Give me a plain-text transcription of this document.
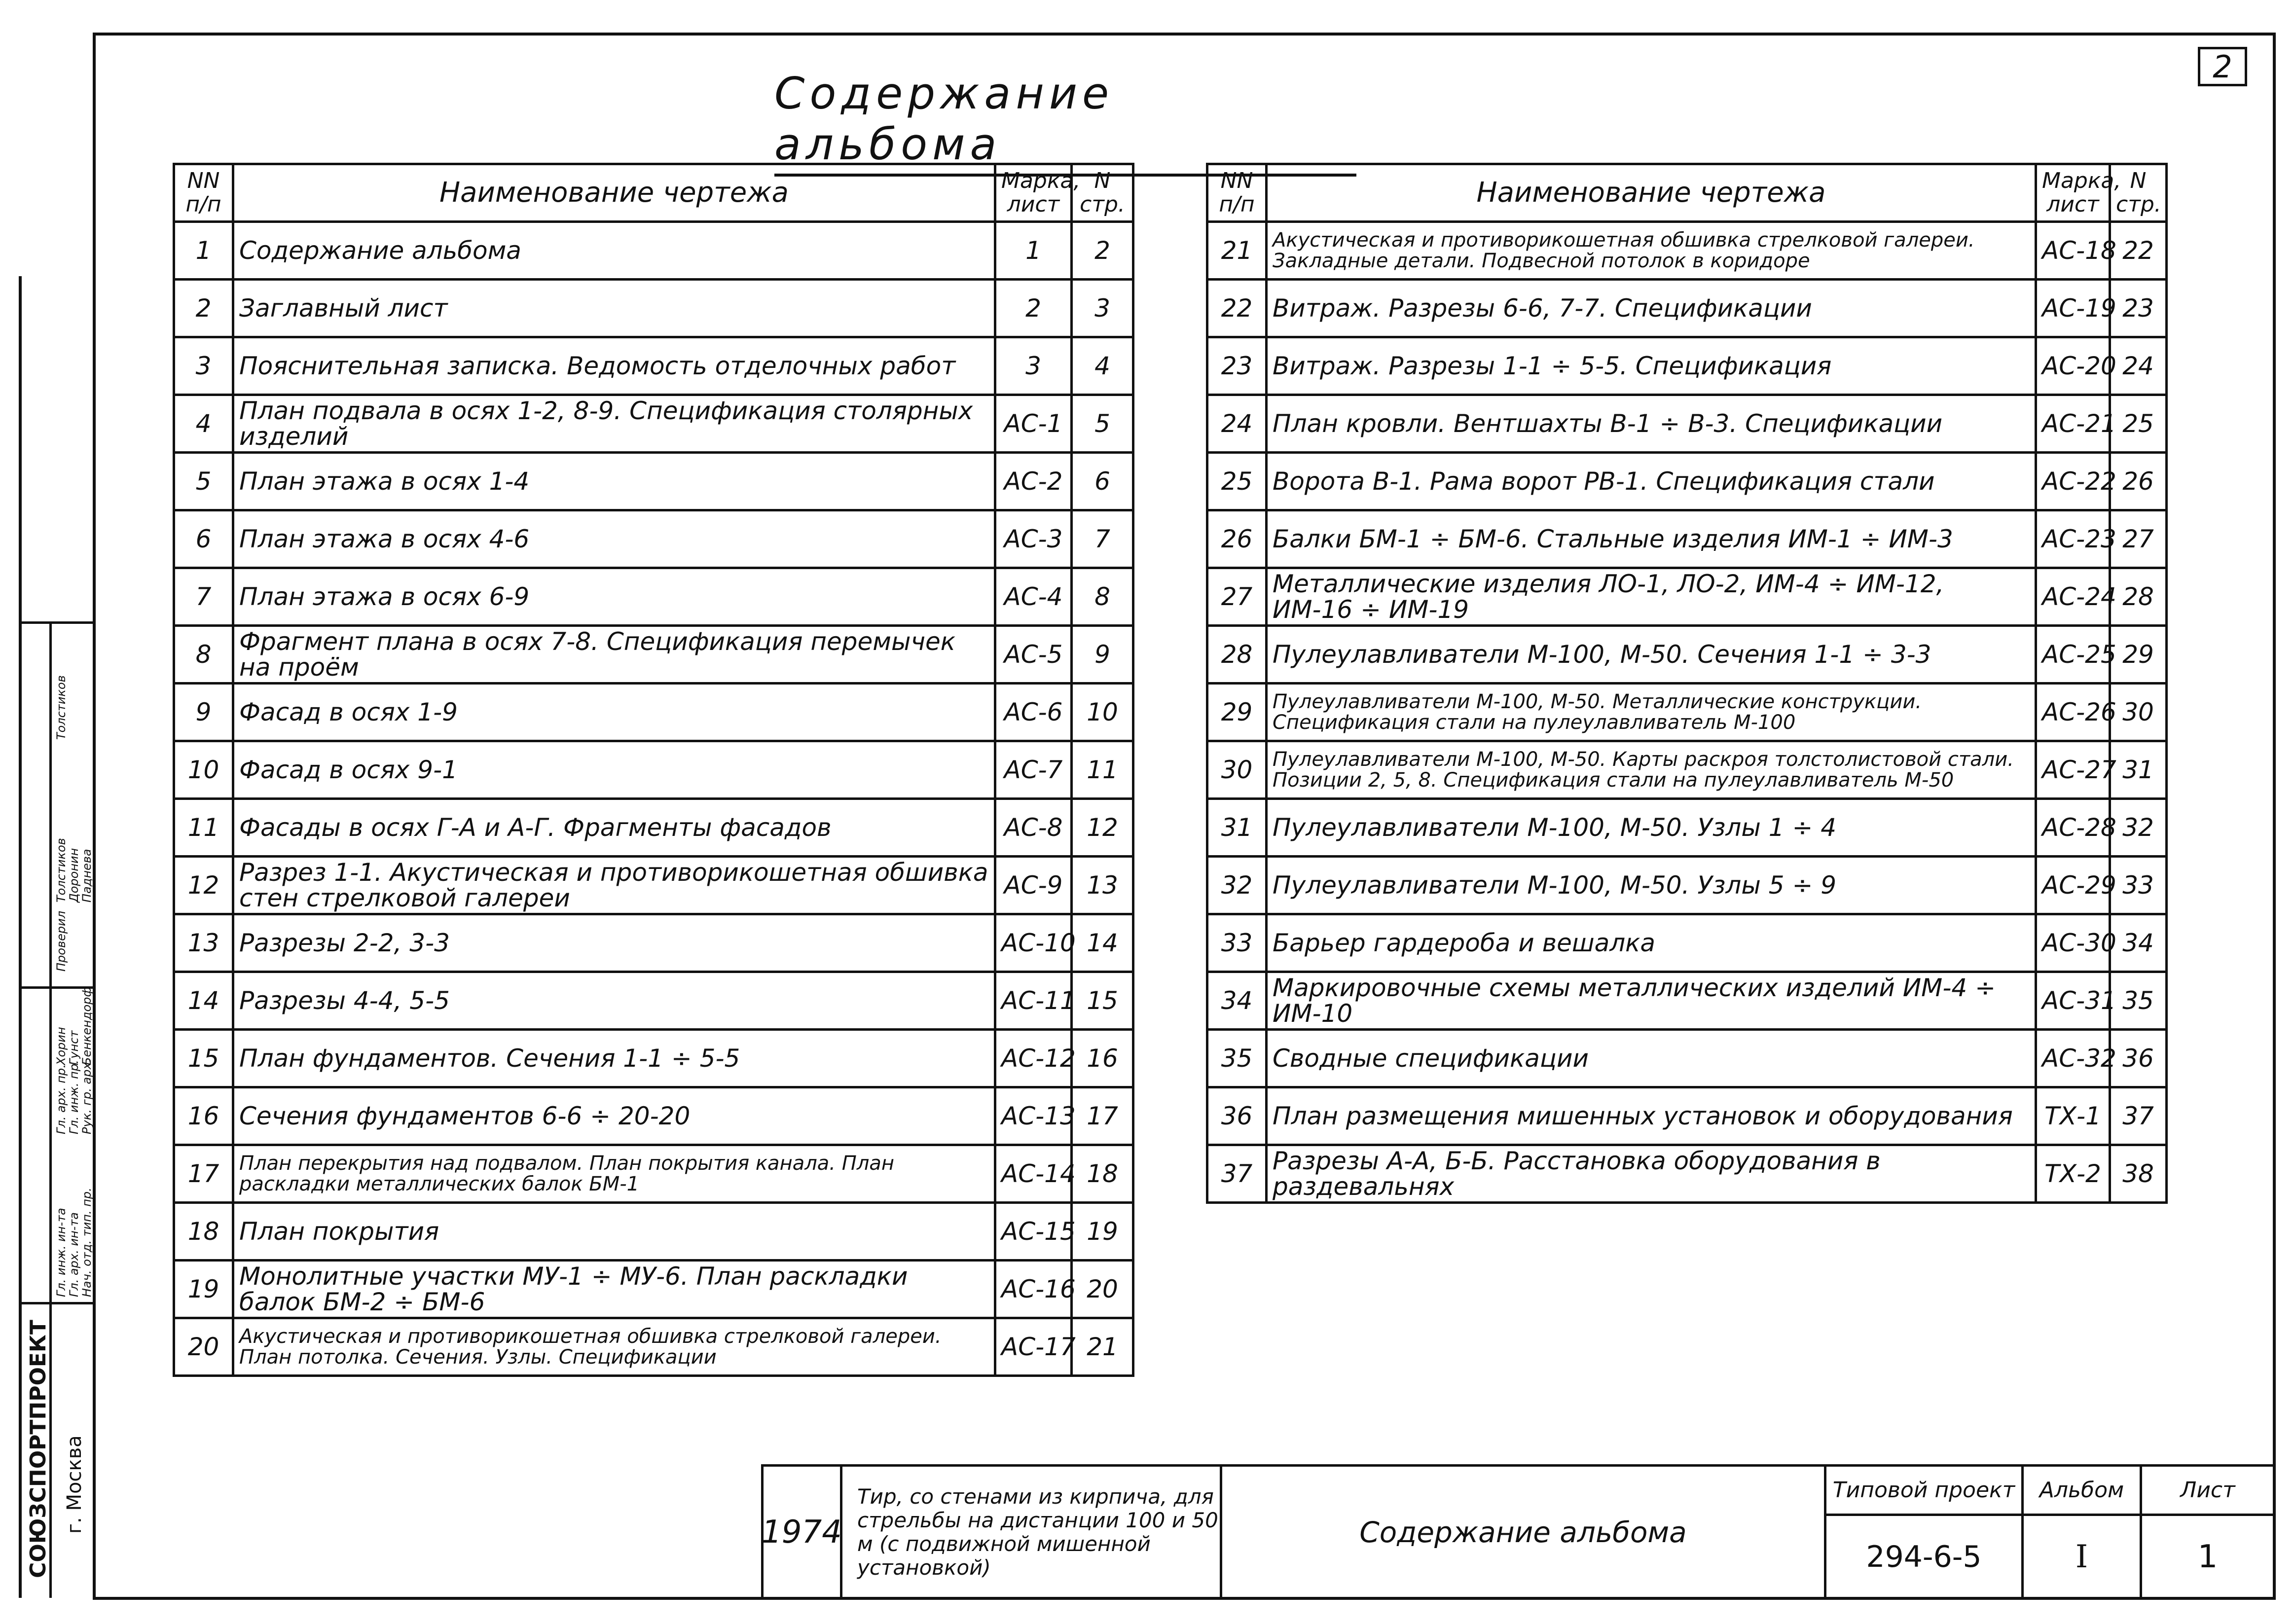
2
Содержание альбома
NN п/п	Наименование чертежа	Марка, лист	N стр.
1	Содержание альбома	1	2
2	Заглавный лист	2	3
3	Пояснительная записка. Ведомость отделочных работ	3	4
4	План подвала в осях 1-2, 8-9. Спецификация столярных изделий	АС-1	5
5	План этажа в осях 1-4	АС-2	6
6	План этажа в осях 4-6	АС-3	7
7	План этажа в осях 6-9	АС-4	8
8	Фрагмент плана в осях 7-8. Спецификация перемычек на проём	АС-5	9
9	Фасад в осях 1-9	АС-6	10
10	Фасад в осях 9-1	АС-7	11
11	Фасады в осях Г-А и А-Г. Фрагменты фасадов	АС-8	12
12	Разрез 1-1. Акустическая и противорикошетная обшивка стен стрелковой галереи	АС-9	13
13	Разрезы 2-2, 3-3	АС-10	14
14	Разрезы 4-4, 5-5	АС-11	15
15	План фундаментов. Сечения 1-1 ÷ 5-5	АС-12	16
16	Сечения фундаментов 6-6 ÷ 20-20	АС-13	17
17	План перекрытия над подвалом. План покрытия канала. План раскладки металлических балок БМ-1	АС-14	18
18	План покрытия	АС-15	19
19	Монолитные участки МУ-1 ÷ МУ-6. План раскладки балок БМ-2 ÷ БМ-6	АС-16	20
20	Акустическая и противорикошетная обшивка стрелковой галереи. План потолка. Сечения. Узлы. Спецификации	АС-17	21
NN п/п	Наименование чертежа	Марка, лист	N стр.
21	Акустическая и противорикошетная обшивка стрелковой галереи. Закладные детали. Подвесной потолок в коридоре	АС-18	22
22	Витраж. Разрезы 6-6, 7-7. Спецификации	АС-19	23
23	Витраж. Разрезы 1-1 ÷ 5-5. Спецификация	АС-20	24
24	План кровли. Вентшахты В-1 ÷ В-3. Спецификации	АС-21	25
25	Ворота В-1. Рама ворот РВ-1. Спецификация стали	АС-22	26
26	Балки БМ-1 ÷ БМ-6. Стальные изделия ИМ-1 ÷ ИМ-3	АС-23	27
27	Металлические изделия ЛО-1, ЛО-2, ИМ-4 ÷ ИМ-12, ИМ-16 ÷ ИМ-19	АС-24	28
28	Пулеулавливатели М-100, М-50. Сечения 1-1 ÷ 3-3	АС-25	29
29	Пулеулавливатели М-100, М-50. Металлические конструкции. Спецификация стали на пулеулавливатель М-100	АС-26	30
30	Пулеулавливатели М-100, М-50. Карты раскроя толстолистовой стали. Позиции 2, 5, 8. Спецификация стали на пулеулавливатель М-50	АС-27	31
31	Пулеулавливатели М-100, М-50. Узлы 1 ÷ 4	АС-28	32
32	Пулеулавливатели М-100, М-50. Узлы 5 ÷ 9	АС-29	33
33	Барьер гардероба и вешалка	АС-30	34
34	Маркировочные схемы металлических изделий ИМ-4 ÷ ИМ-10	АС-31	35
35	Сводные спецификации	АС-32	36
36	План размещения мишенных установок и оборудования	ТХ-1	37
37	Разрезы А-А, Б-Б. Расстановка оборудования в раздевальнях	ТХ-2	38
СОЮЗСПОРТПРОЕКТ г. Москва
Гл. инж. ин-та
Гл. арх. ин-та
Нач. отд. тип. пр.
Гл. арх. пр.
Гл. инж. пр.
Рук. гр. арх.
Проверил
Хорин
Гунст
Бенкендорф
Толстиков
Доронин
Паднева
Толстиков
1974
Тир, со стенами из кирпича, для стрельбы на дистанции 100 и 50 м (с подвижной мишенной установкой)
Содержание альбома
Типовой проект
294-6-5
Альбом
I
Лист
1
